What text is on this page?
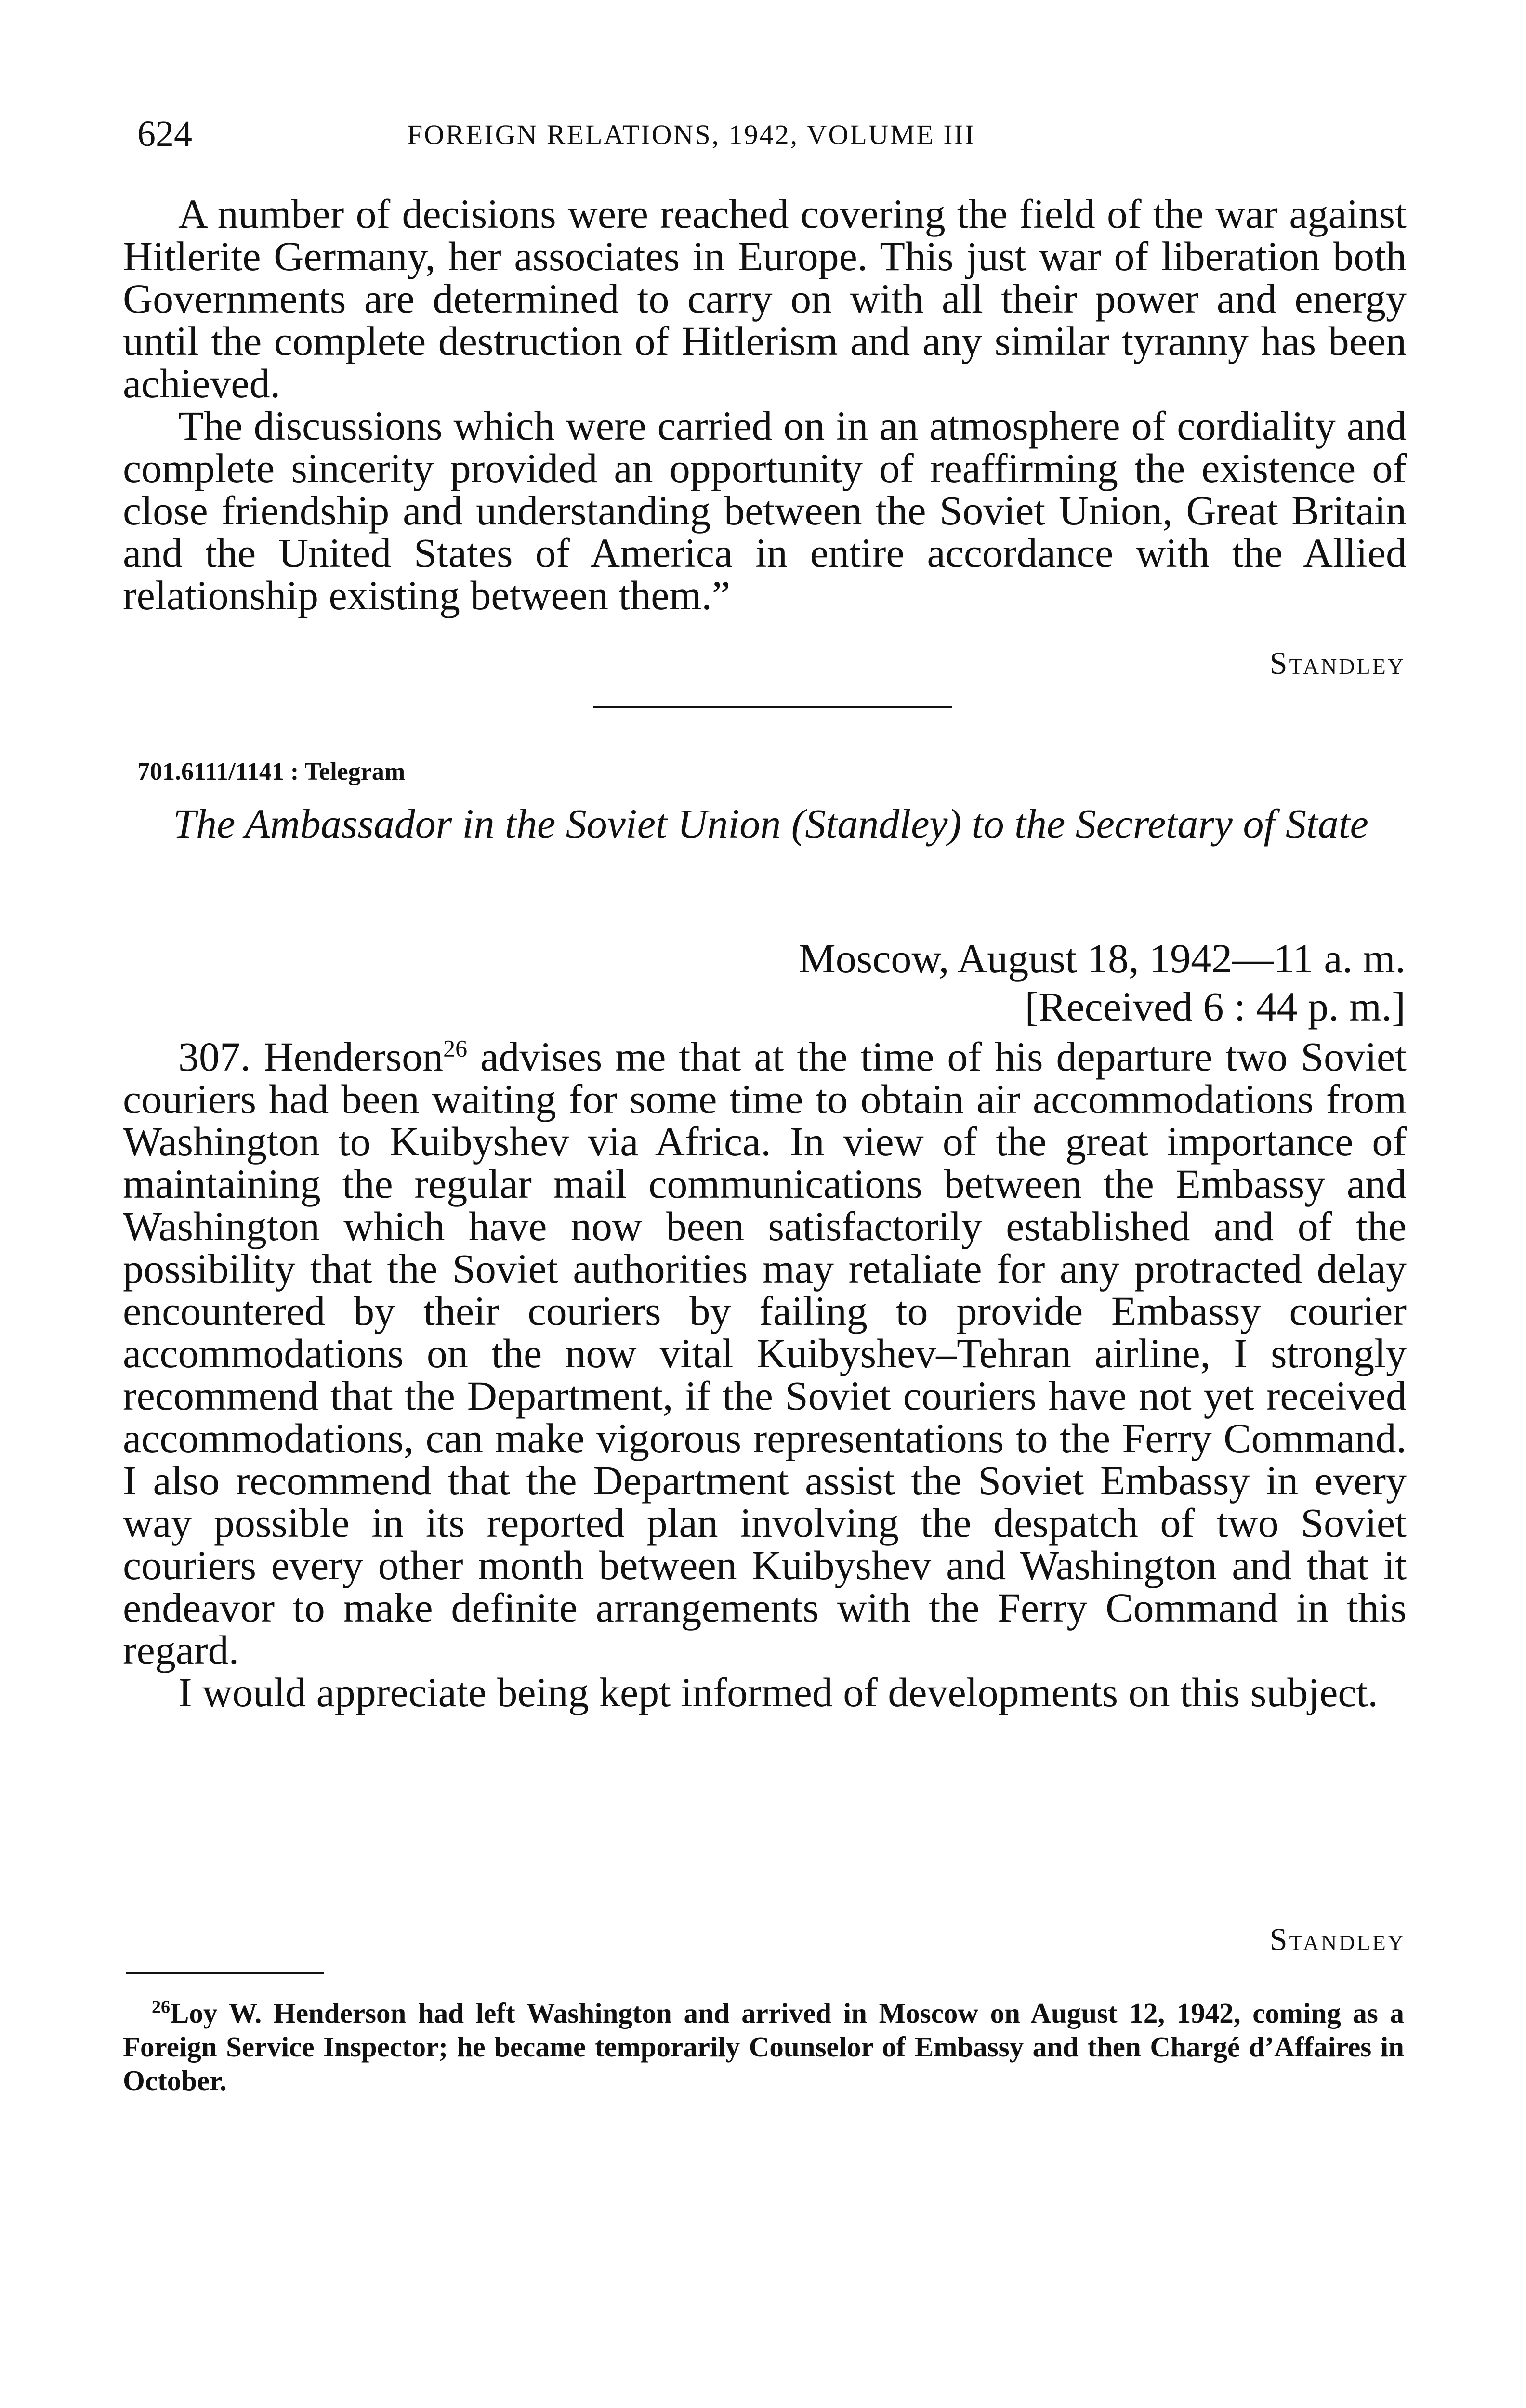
624	FOREIGN RELATIONS, 1942, VOLUME III

A number of decisions were reached covering the field of the war against Hitlerite Germany, her associates in Europe. This just war of liberation both Governments are determined to carry on with all their power and energy until the complete destruction of Hitlerism and any similar tyranny has been achieved.

The discussions which were carried on in an atmosphere of cordiality and complete sincerity provided an opportunity of reaffirming the existence of close friendship and understanding between the Soviet Union, Great Britain and the United States of America in entire accordance with the Allied relationship existing between them.”

Standley
701.6111/1141 : Telegram
The Ambassador in the Soviet Union (Standley) to the Secretary of State
Moscow, August 18, 1942—11 a. m.
[Received 6 : 44 p. m.]

307. Henderson$^{26}$ advises me that at the time of his departure two Soviet couriers had been waiting for some time to obtain air accommodations from Washington to Kuibyshev via Africa. In view of the great importance of maintaining the regular mail communications between the Embassy and Washington which have now been satisfactorily established and of the possibility that the Soviet authorities may retaliate for any protracted delay encountered by their couriers by failing to provide Embassy courier accommodations on the now vital Kuibyshev–Tehran airline, I strongly recommend that the Department, if the Soviet couriers have not yet received accommodations, can make vigorous representations to the Ferry Command. I also recommend that the Department assist the Soviet Embassy in every way possible in its reported plan involving the despatch of two Soviet couriers every other month between Kuibyshev and Washington and that it endeavor to make definite arrangements with the Ferry Command in this regard.

I would appreciate being kept informed of developments on this subject.

Standley

$^{26}$Loy W. Henderson had left Washington and arrived in Moscow on August 12, 1942, coming as a Foreign Service Inspector; he became temporarily Counselor of Embassy and then Chargé d’Affaires in October.
